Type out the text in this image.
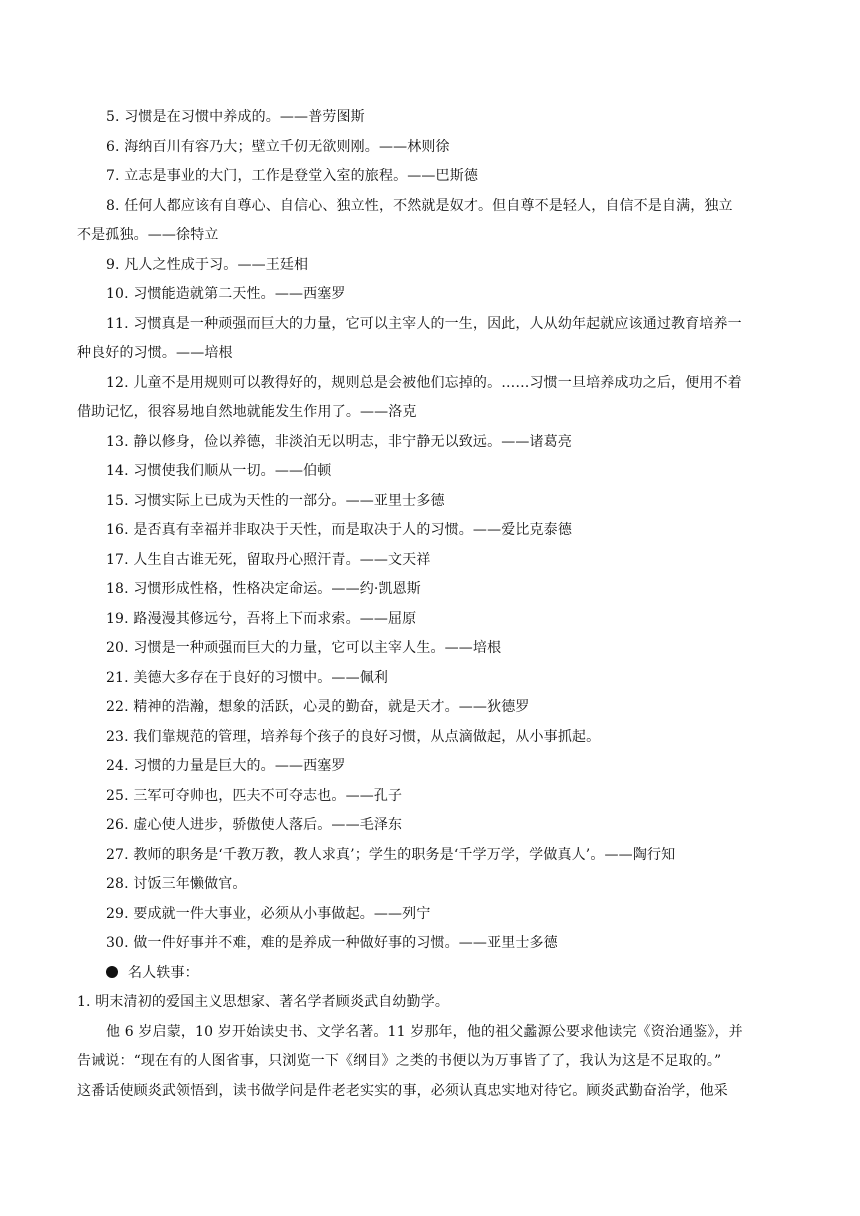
5. 习惯是在习惯中养成的。——普劳图斯
6. 海纳百川有容乃大；壁立千仞无欲则刚。——林则徐
7. 立志是事业的大门，工作是登堂入室的旅程。——巴斯德
8. 任何人都应该有自尊心、自信心、独立性，不然就是奴才。但自尊不是轻人，自信不是自满，独立
不是孤独。——徐特立
9. 凡人之性成于习。——王廷相
10. 习惯能造就第二天性。——西塞罗
11. 习惯真是一种顽强而巨大的力量，它可以主宰人的一生，因此，人从幼年起就应该通过教育培养一
种良好的习惯。——培根
12. 儿童不是用规则可以教得好的，规则总是会被他们忘掉的。……习惯一旦培养成功之后，便用不着
借助记忆，很容易地自然地就能发生作用了。——洛克
13. 静以修身，俭以养德，非淡泊无以明志，非宁静无以致远。——诸葛亮
14. 习惯使我们顺从一切。——伯顿
15. 习惯实际上已成为天性的一部分。——亚里士多德
16. 是否真有幸福并非取决于天性，而是取决于人的习惯。——爱比克泰德
17. 人生自古谁无死，留取丹心照汗青。——文天祥
18. 习惯形成性格，性格决定命运。——约·凯恩斯
19. 路漫漫其修远兮，吾将上下而求索。——屈原
20. 习惯是一种顽强而巨大的力量，它可以主宰人生。——培根
21. 美德大多存在于良好的习惯中。——佩利
22. 精神的浩瀚，想象的活跃，心灵的勤奋，就是天才。——狄德罗
23. 我们靠规范的管理，培养每个孩子的良好习惯，从点滴做起，从小事抓起。
24. 习惯的力量是巨大的。——西塞罗
25. 三军可夺帅也，匹夫不可夺志也。——孔子
26. 虚心使人进步，骄傲使人落后。——毛泽东
27. 教师的职务是‘千教万教，教人求真’；学生的职务是‘千学万学，学做真人’。——陶行知
28. 讨饭三年懒做官。
29. 要成就一件大事业，必须从小事做起。——列宁
30. 做一件好事并不难，难的是养成一种做好事的习惯。——亚里士多德
名人轶事：
1. 明末清初的爱国主义思想家、著名学者顾炎武自幼勤学。
他 6 岁启蒙，10 岁开始读史书、文学名著。11 岁那年，他的祖父蠡源公要求他读完《资治通鉴》，并
告诫说：“现在有的人图省事，只浏览一下《纲目》之类的书便以为万事皆了了，我认为这是不足取的。”
这番话使顾炎武领悟到，读书做学问是件老老实实的事，必须认真忠实地对待它。顾炎武勤奋治学，他采
